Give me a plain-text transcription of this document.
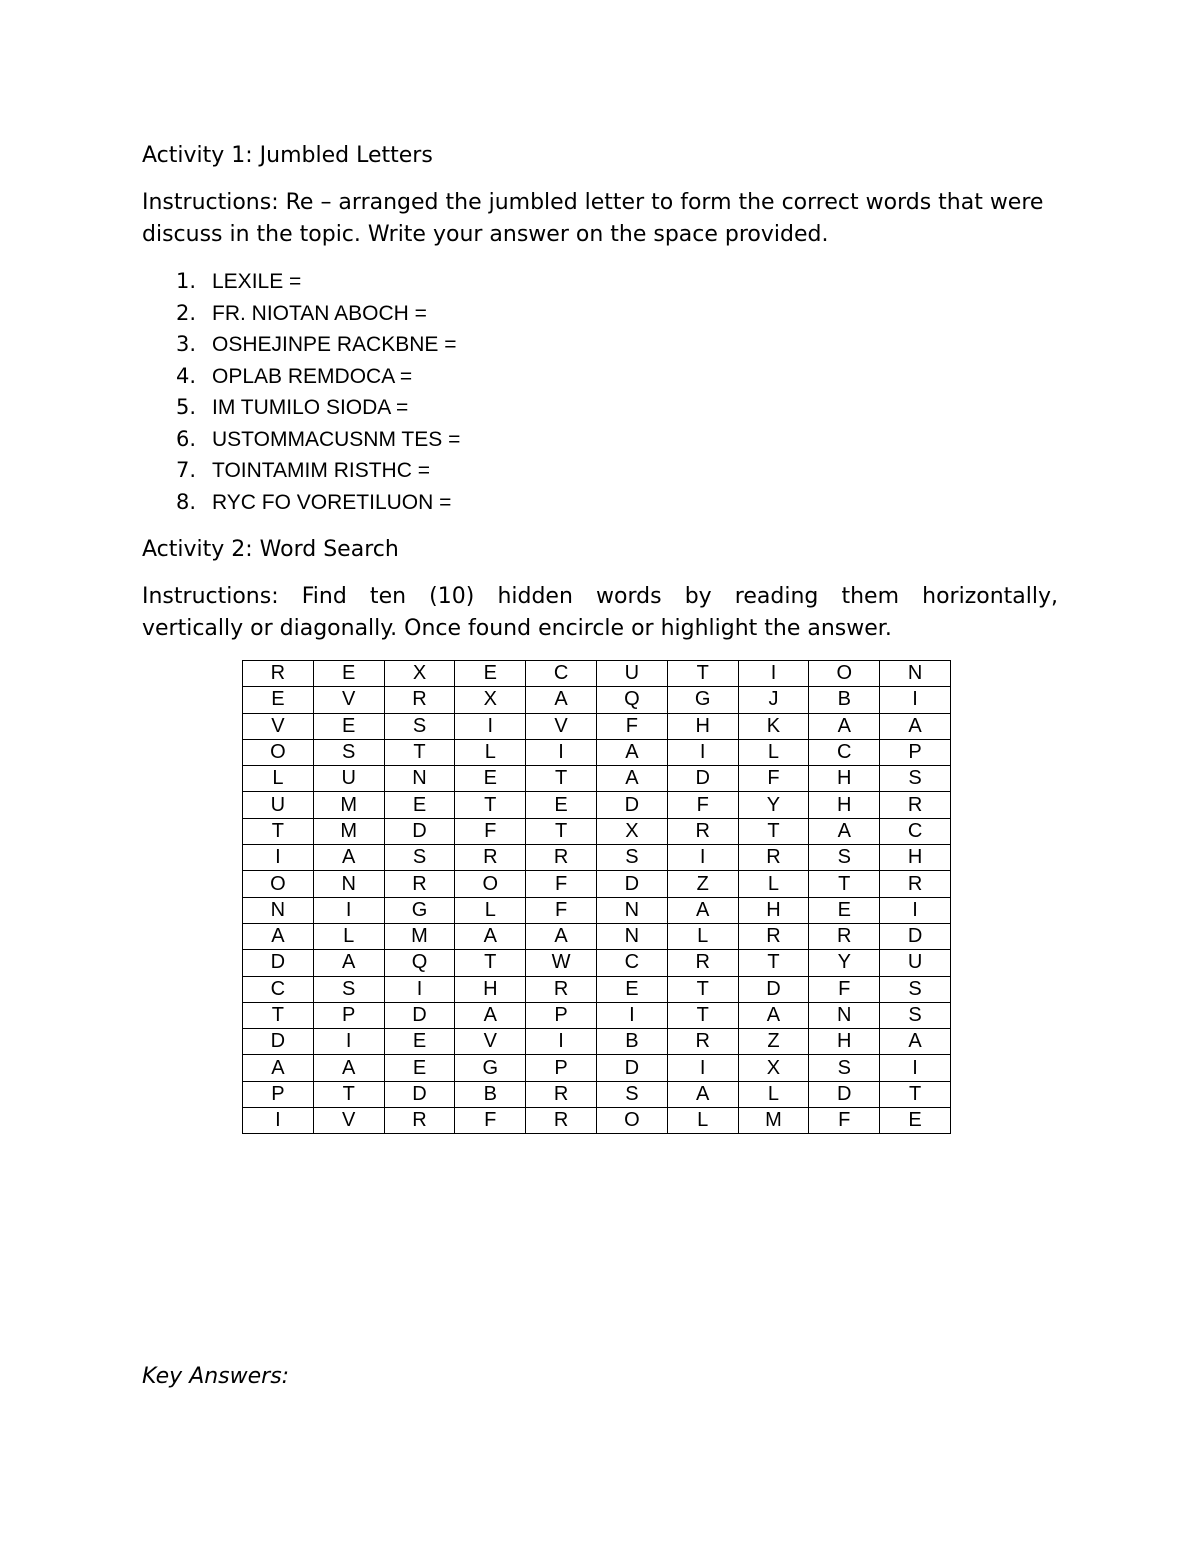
Activity 1: Jumbled Letters
Instructions: Re – arranged the jumbled letter to form the correct words that were discuss in the topic. Write your answer on the space provided.
1. LEXILE =
2. FR. NIOTAN ABOCH =
3. OSHEJINPE RACKBNE =
4. OPLAB REMDOCA =
5. IM TUMILO SIODA =
6. USTOMMACUSNM TES =
7. TOINTAMIM RISTHC =
8. RYC FO VORETILUON =
Activity 2: Word Search
Instructions: Find ten (10) hidden words by reading them horizontally,
vertically or diagonally. Once found encircle or highlight the answer.
R	E	X	E	C	U	T	I	O	N
E	V	R	X	A	Q	G	J	B	I
V	E	S	I	V	F	H	K	A	A
O	S	T	L	I	A	I	L	C	P
L	U	N	E	T	A	D	F	H	S
U	M	E	T	E	D	F	Y	H	R
T	M	D	F	T	X	R	T	A	C
I	A	S	R	R	S	I	R	S	H
O	N	R	O	F	D	Z	L	T	R
N	I	G	L	F	N	A	H	E	I
A	L	M	A	A	N	L	R	R	D
D	A	Q	T	W	C	R	T	Y	U
C	S	I	H	R	E	T	D	F	S
T	P	D	A	P	I	T	A	N	S
D	I	E	V	I	B	R	Z	H	A
A	A	E	G	P	D	I	X	S	I
P	T	D	B	R	S	A	L	D	T
I	V	R	F	R	O	L	M	F	E
Key Answers:
